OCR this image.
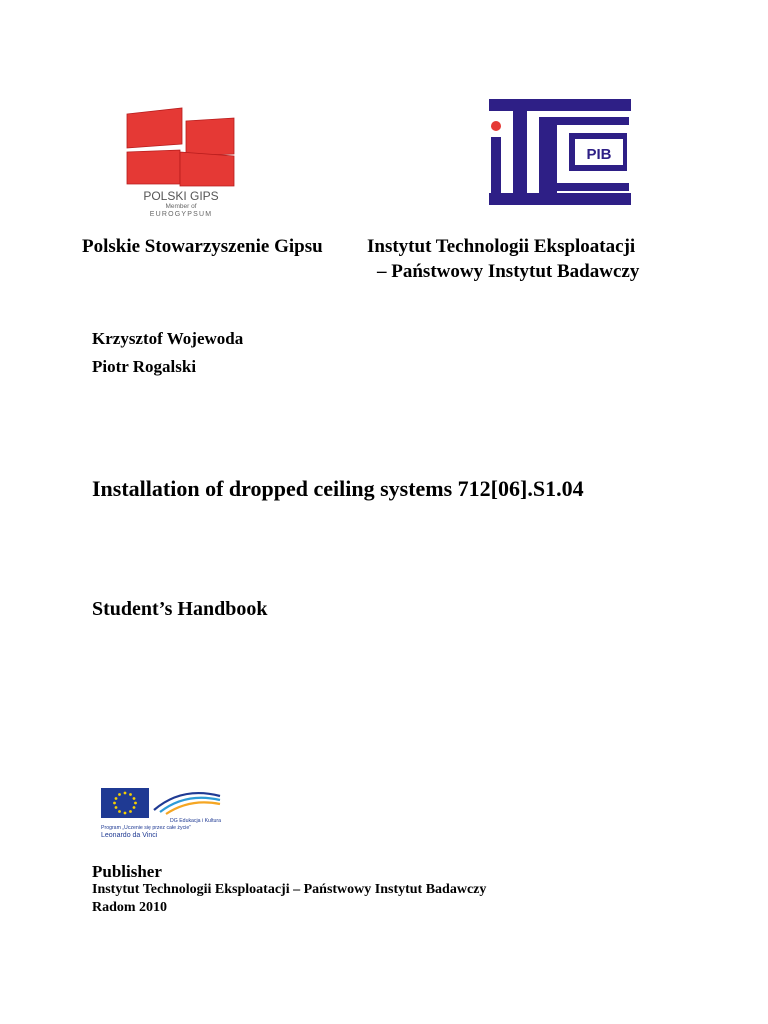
POLSKI GIPS
Member of
EUROGYPSUM
PIB
Polskie Stowarzyszenie Gipsu Instytut Technologii Eksploatacji
– Państwowy Instytut Badawczy
Krzysztof Wojewoda
Piotr Rogalski
Installation of dropped ceiling systems 712[06].S1.04
Student’s Handbook
DG Edukacja i Kultura
Program „Uczenie się przez całe życie”
Leonardo da Vinci
Publisher
Instytut Technologii Eksploatacji – Państwowy Instytut Badawczy
Radom 2010
